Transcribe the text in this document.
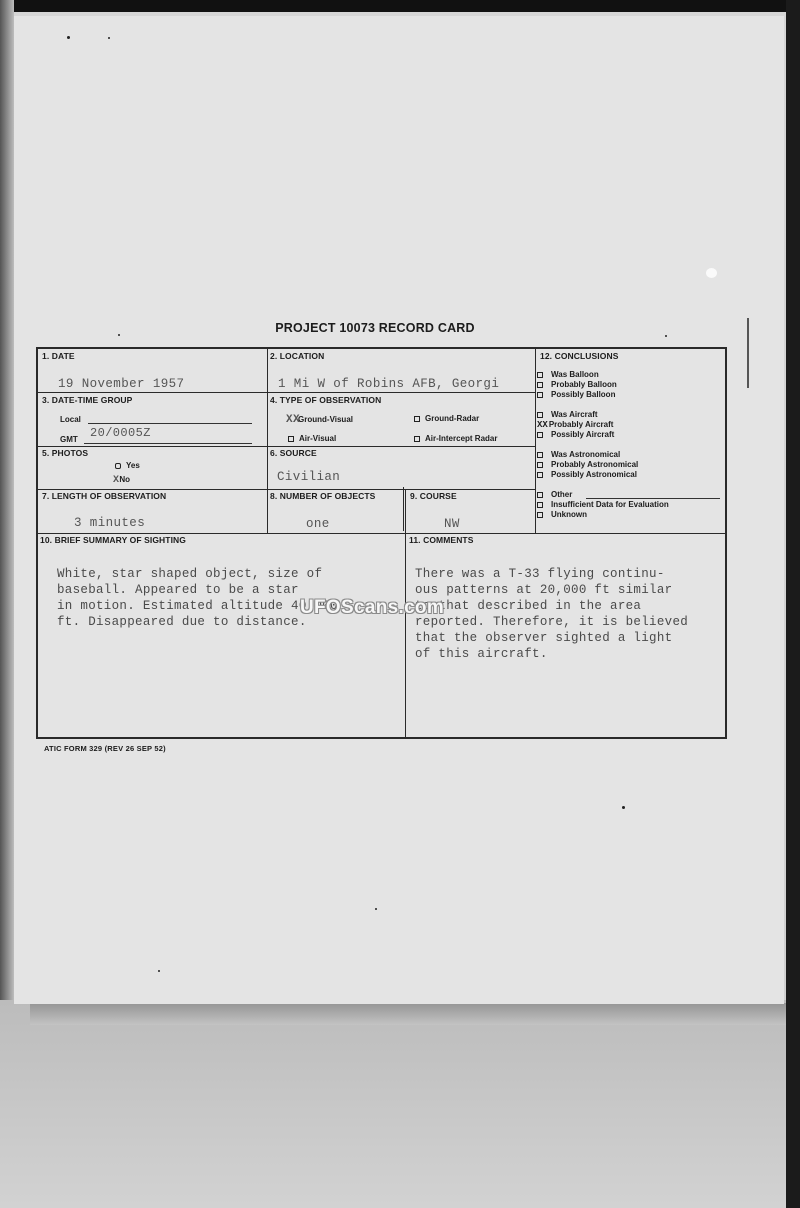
PROJECT 10073 RECORD CARD
1. DATE
19 November 1957
2. LOCATION
1 Mi W of Robins AFB, Georgi
3. DATE-TIME GROUP
Local
GMT 20/0005Z
4. TYPE OF OBSERVATION
XXGround-Visual	Ground-Radar
Air-Visual	Air-Intercept Radar
5. PHOTOS
Yes
XNo
6. SOURCE
Civilian
7. LENGTH OF OBSERVATION
3 minutes
8. NUMBER OF OBJECTS
one
9. COURSE
NW
10. BRIEF SUMMARY OF SIGHTING

White, star shaped object, size of
baseball. Appeared to be a star
in motion. Estimated altitude 40,000
ft. Disappeared due to distance.
11. COMMENTS

There was a T-33 flying continu-
ous patterns at 20,000 ft similar
to that described in the area
reported. Therefore, it is believed
that the observer sighted a light
of this aircraft.
12. CONCLUSIONS
Was Balloon
Probably Balloon
Possibly Balloon
Was Aircraft
XXProbably Aircraft
Possibly Aircraft
Was Astronomical
Probably Astronomical
Possibly Astronomical
Other
Insufficient Data for Evaluation
Unknown
UFOScans.com
ATIC FORM 329 (REV 26 SEP 52)
